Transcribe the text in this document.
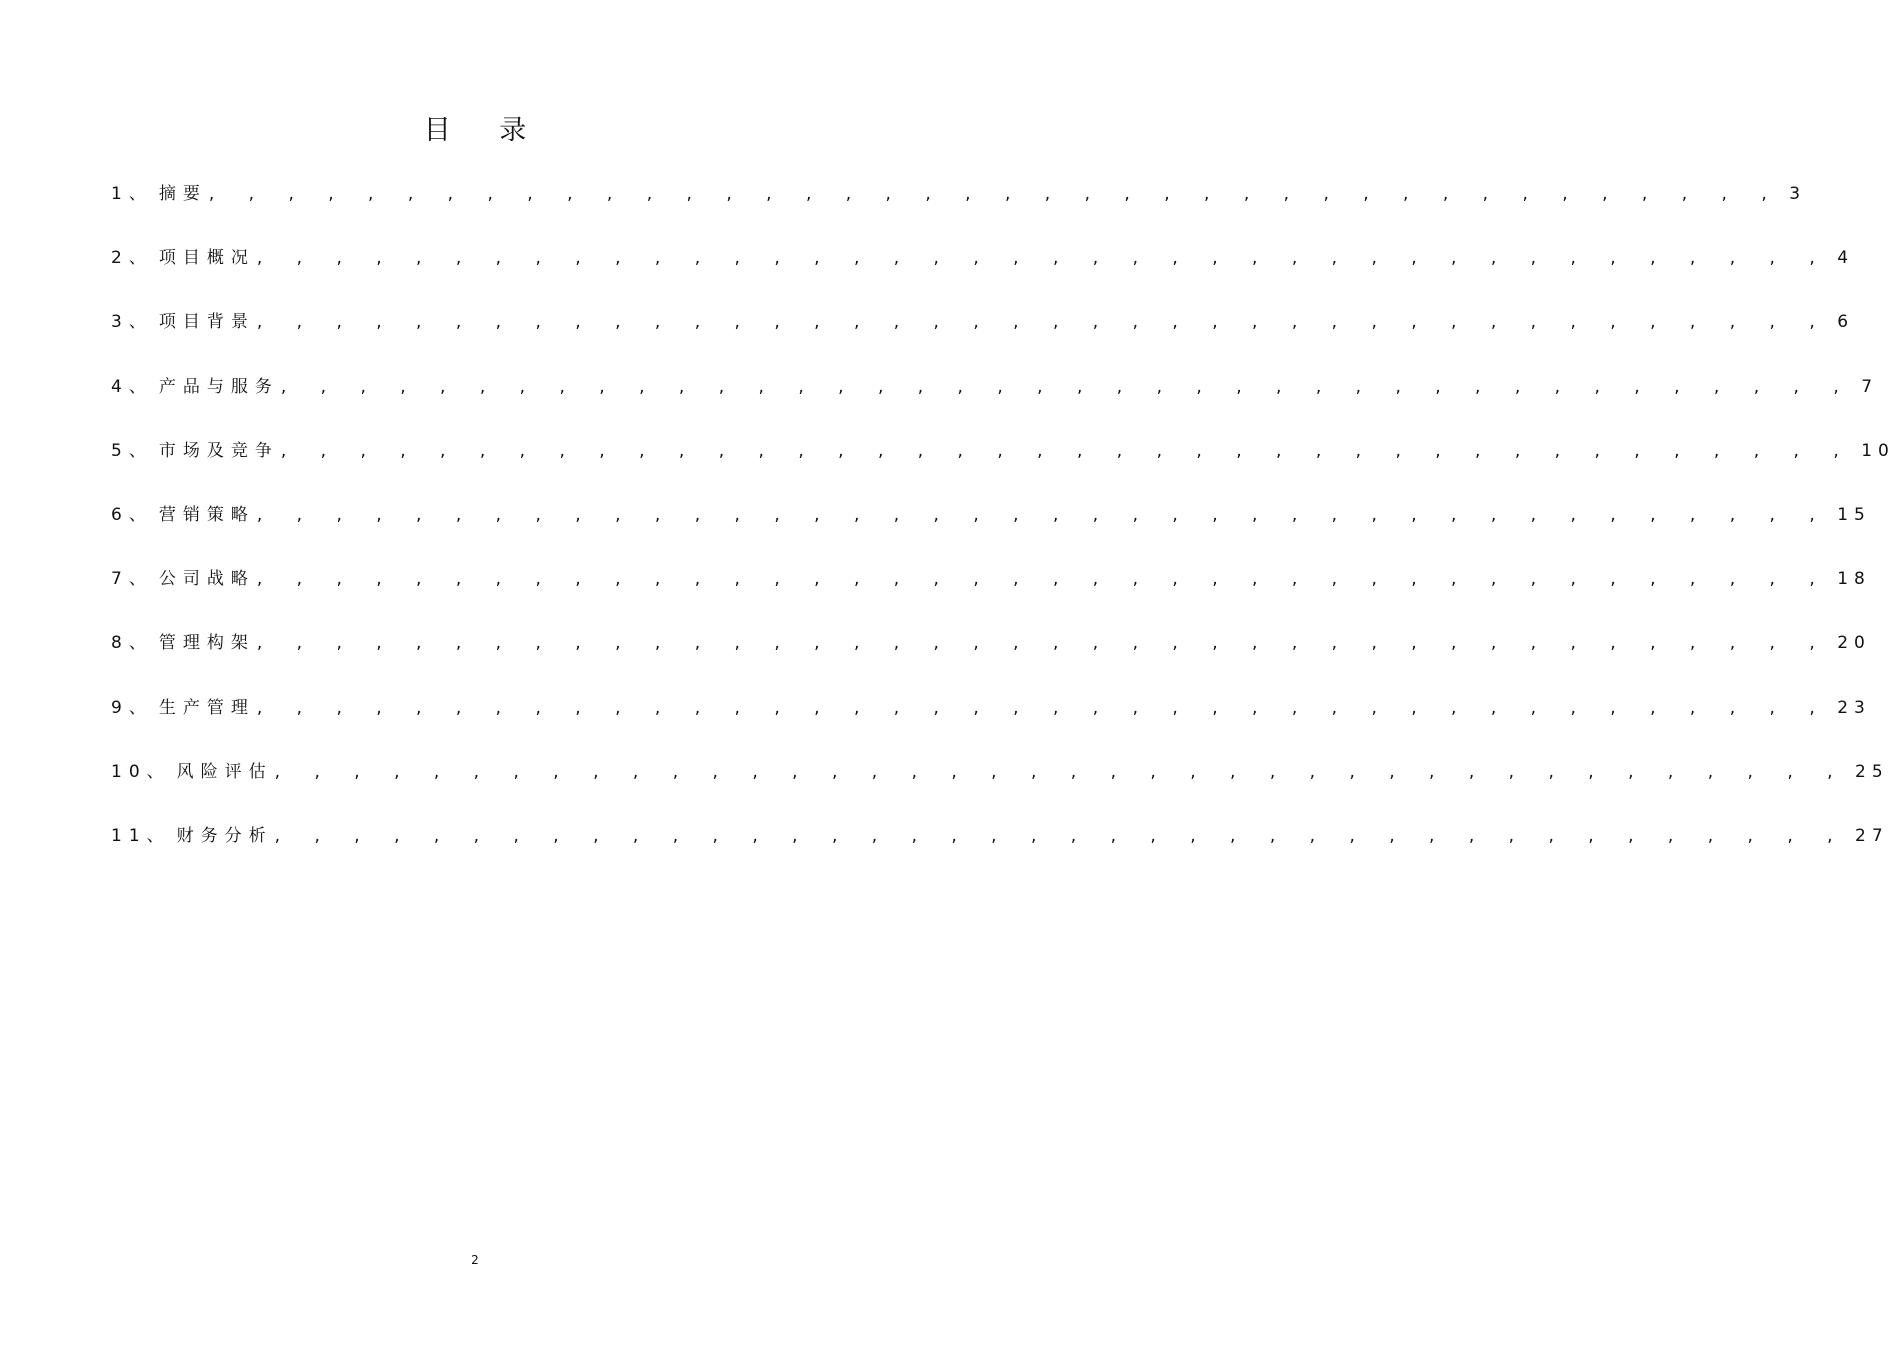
目 录
1、 摘要 , , , , , , , , , , , , , , , , , , , , , , , , , , , , , , , , , , , , , , , , 3
2、 项目概况 , , , , , , , , , , , , , , , , , , , , , , , , , , , , , , , , , , , , , , , , 4
3、 项目背景 , , , , , , , , , , , , , , , , , , , , , , , , , , , , , , , , , , , , , , , , 6
4、 产品与服务 , , , , , , , , , , , , , , , , , , , , , , , , , , , , , , , , , , , , , , , , 7
5、 市场及竞争 , , , , , , , , , , , , , , , , , , , , , , , , , , , , , , , , , , , , , , , , 10
6、 营销策略 , , , , , , , , , , , , , , , , , , , , , , , , , , , , , , , , , , , , , , , , 15
7、 公司战略 , , , , , , , , , , , , , , , , , , , , , , , , , , , , , , , , , , , , , , , , 18
8、 管理构架 , , , , , , , , , , , , , , , , , , , , , , , , , , , , , , , , , , , , , , , , 20
9、 生产管理 , , , , , , , , , , , , , , , , , , , , , , , , , , , , , , , , , , , , , , , , 23
10、 风险评估 , , , , , , , , , , , , , , , , , , , , , , , , , , , , , , , , , , , , , , , , 25
11、 财务分析 , , , , , , , , , , , , , , , , , , , , , , , , , , , , , , , , , , , , , , , , 27
2
